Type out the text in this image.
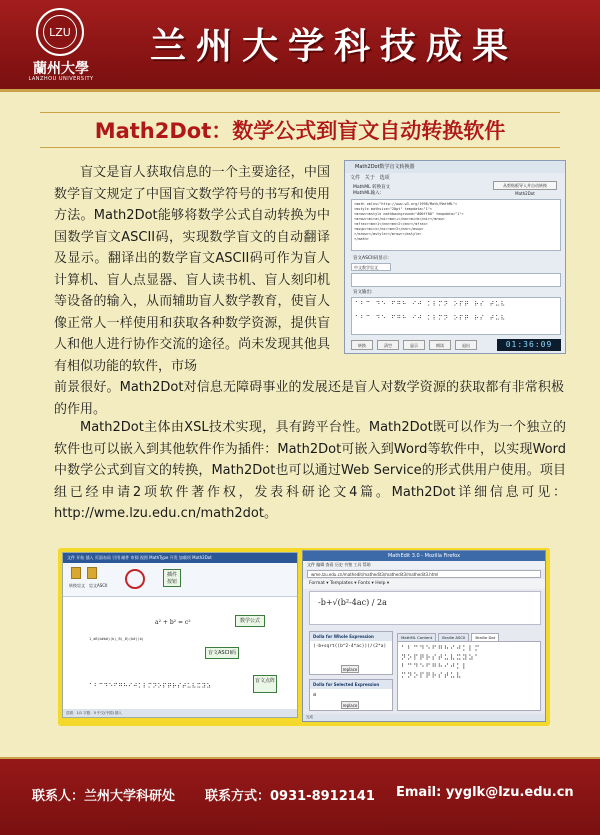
LZU
蘭州大學
LANZHOU UNIVERSITY
兰州大学科技成果
Math2Dot：数学公式到盲文自动转换软件
盲文是盲人获取信息的一个主要途径，中国数学盲文规定了中国盲文数学符号的书写和使用方法。Math2Dot能够将数学公式自动转换为中国数学盲文ASCII码，实现数学盲文的自动翻译及显示。翻译出的数学盲文ASCII码可作为盲人计算机、盲人点显器、盲人读书机、盲人刻印机等设备的输入，从而辅助盲人数学教育，使盲人像正常人一样使用和获取各种数学资源，提供盲人和他人进行协作交流的途径。尚未发现其他具有相似功能的软件，市场
前景很好。Math2Dot对信息无障碍事业的发展还是盲人对数学资源的获取都有非常积极的作用。
Math2Dot主体由XSL技术实现，具有跨平台性。Math2Dot既可以作为一个独立的软件也可以嵌入到其他软件作为插件：Math2Dot可嵌入到Word等软件中，以实现Word中数学公式到盲文的转换，Math2Dot也可以通过Web Service的形式供用户使用。项目组已经申请2项软件著作权，发表科研论文4篇。Math2Dot详细信息可见：http://wme.lzu.edu.cn/math2dot。
Math2Dot数学盲文转换器
文件 关于 选项
从剪贴板导入并自动转换Math2Dot
MathML 转换盲文
MathML输入:
<math xmlns="http://www.w3.org/1998/Math/MathML">
<mstyle mathsize="20pt" tempdata="1">
<mrow><mstyle mathbackground="#00ff00" tempdata="1">
<mrow><mi>a</mi><mo>+</mo><mi>b</mi></mrow>
<mfrac><mn>1</mn><mn>2</mn></mfrac>
<msup><mi>x</mi><mn>2</mn></msup>
</mrow></mstyle></mrow></mstyle>
</math>
盲文ASCII码显示:
中文数学盲文
盲文输出:
⠁⠃⠉ ⠙⠑ ⠋⠛⠓ ⠊⠚ ⠅⠇⠍⠝ ⠕⠏⠟ ⠗⠎ ⠞⠥⠧
⠁⠃⠉ ⠙⠑ ⠋⠛⠓ ⠊⠚ ⠅⠇⠍⠝ ⠕⠏⠟ ⠗⠎ ⠞⠥⠧
转换	清空	显示	朗读	退出	01:36:09
文件 开始 插入 页面布局 引用 邮件 审阅 视图 MathType 开发 加载项 Math2Dot
转换盲文 盲文ASCII
插件按钮
a² + b² = c²	数学公式
1_aB(b#b#)(b)_B(_B)(b#)(b)
盲文ASCII码
盲文点阵
⠁⠃⠉⠙⠑⠋⠛⠓⠊⠚⠅⠇⠍⠝⠕⠏⠟⠗⠎⠞⠥⠧⠭⠽⠵
页面：1/1 字数：0 中文(中国) 插入
MathEdit 3.0 - Mozilla Firefox
文件 编辑 查看 历史 书签 工具 帮助
wme.lzu.edu.cn/mathedit/mathedit3/mathedit3/mathedit3.html
Format ▾ Templates ▾ Fonts ▾ Help ▾
-b+√(b²-4ac) / 2a
Dolla for Whole Expression
(-b+sqrt((b^2-4*ac)))/(2*a)
replace
Dolla for Selected Expression
a
replace
MathML Content	Braille ASCII	Braille Dot
⠁⠃⠉⠙⠑⠋⠛⠓⠊⠚⠅⠇⠍
⠝⠕⠏⠟⠗⠎⠞⠥⠧⠭⠽⠵⠁
⠃⠉⠙⠑⠋⠛⠓⠊⠚⠅⠇
⠍⠝⠕⠏⠟⠗⠎⠞⠥⠧
完成
联系人：兰州大学科研处 联系方式：0931-8912141 Email: yyglk@lzu.edu.cn
